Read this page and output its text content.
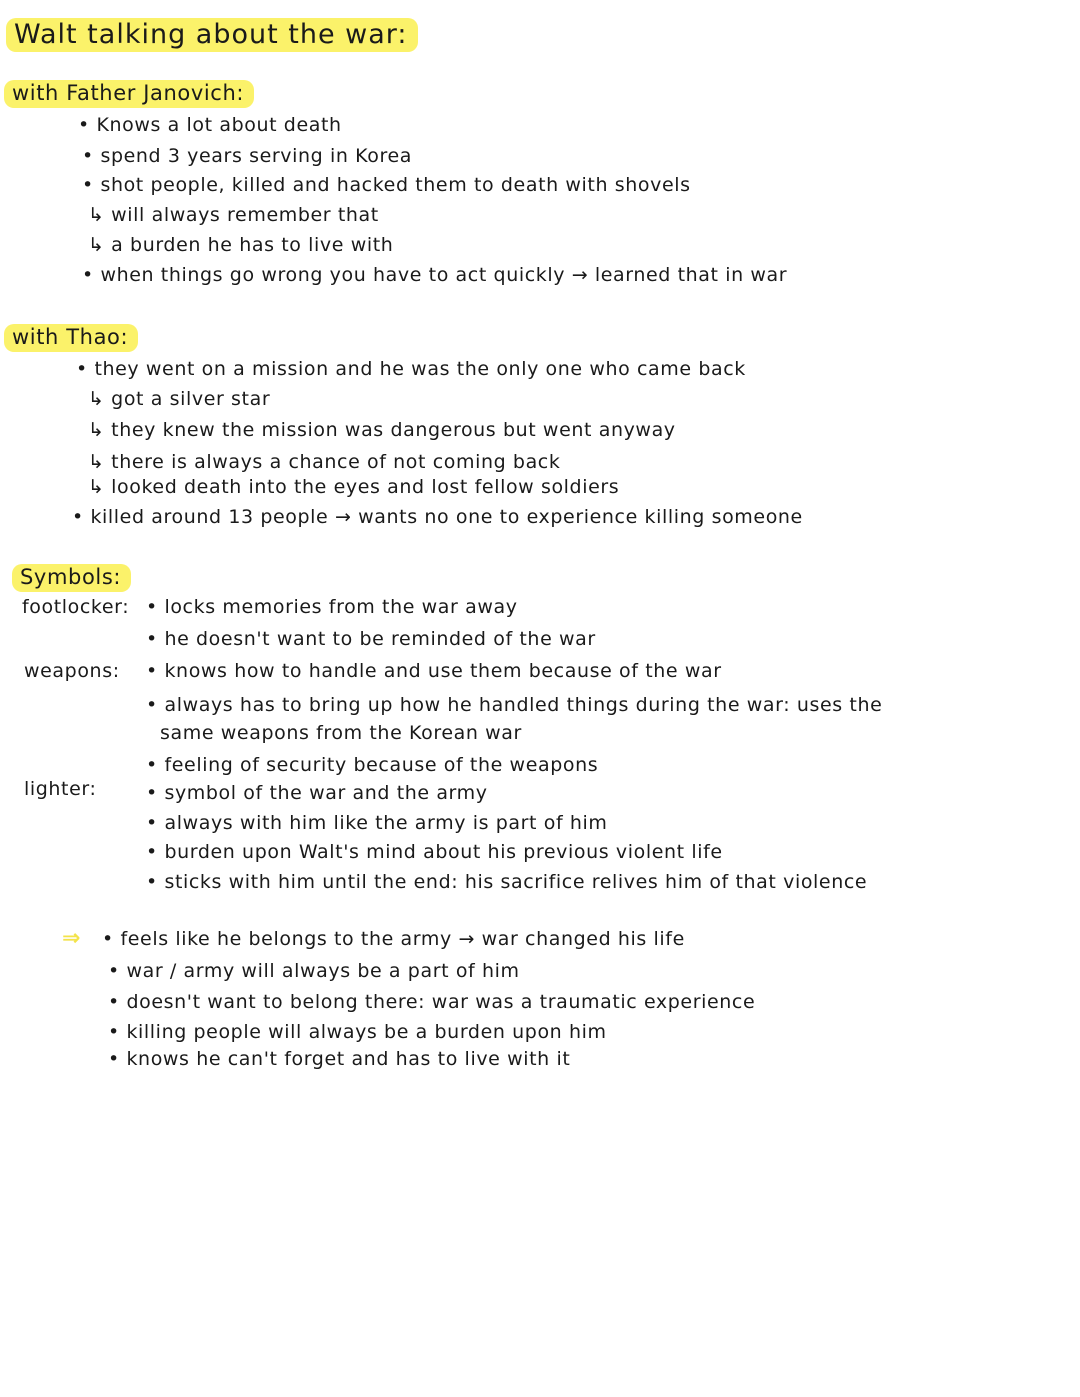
Walt talking about the war:
with Father Janovich:
• Knows a lot about death
• spend 3 years serving in Korea
• shot people, killed and hacked them to death with shovels
↳ will always remember that
↳ a burden he has to live with
• when things go wrong you have to act quickly → learned that in war
with Thao:
• they went on a mission and he was the only one who came back
↳ got a silver star
↳ they knew the mission was dangerous but went anyway
↳ there is always a chance of not coming back
↳ looked death into the eyes and lost fellow soldiers
• killed around 13 people → wants no one to experience killing someone
Symbols:
footlocker: • locks memories from the war away
• he doesn't want to be reminded of the war
weapons: • knows how to handle and use them because of the war
• always has to bring up how he handled things during the war: uses the
same weapons from the Korean war
• feeling of security because of the weapons
lighter:	• symbol of the war and the army
• always with him like the army is part of him
• burden upon Walt's mind about his previous violent life
• sticks with him until the end: his sacrifice relives him of that violence
⇒ • feels like he belongs to the army → war changed his life
• war / army will always be a part of him
• doesn't want to belong there: war was a traumatic experience
• killing people will always be a burden upon him
• knows he can't forget and has to live with it
